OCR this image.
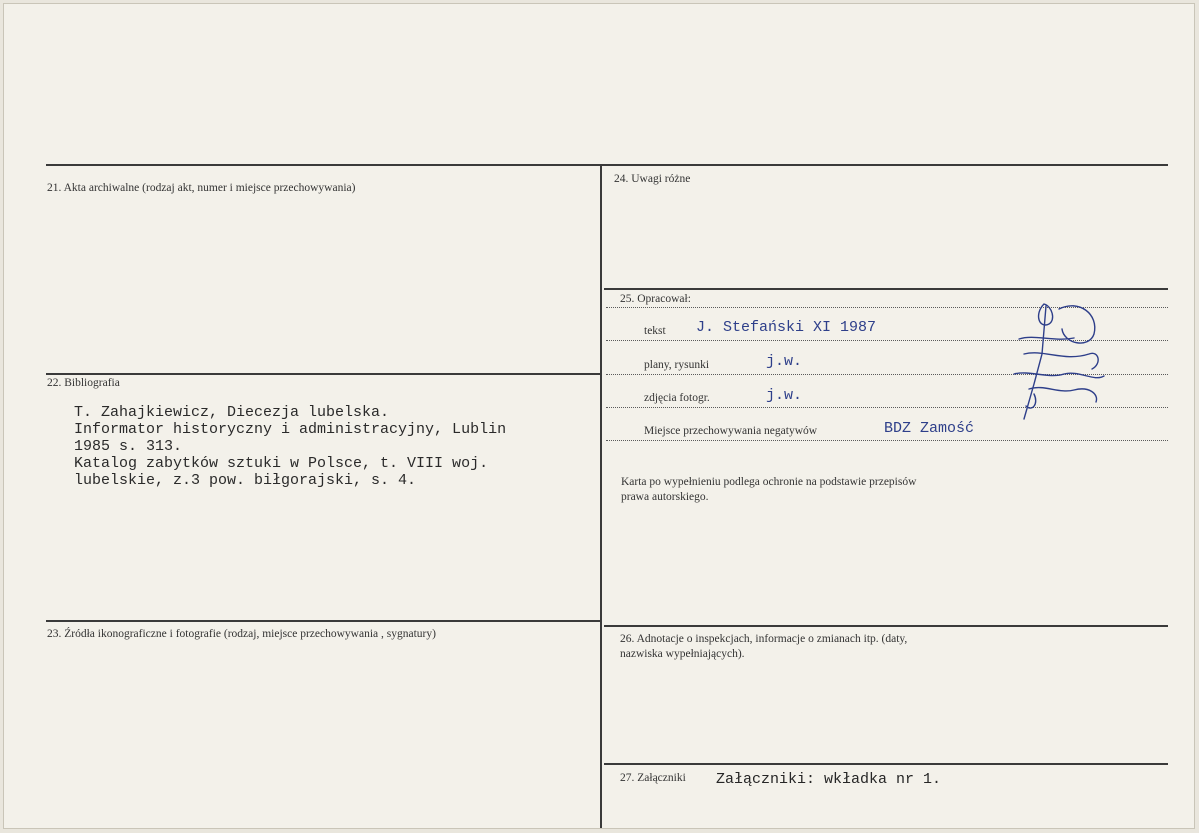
21. Akta archiwalne (rodzaj akt, numer i miejsce przechowywania)
22. Bibliografia
T. Zahajkiewicz, Diecezja lubelska.
Informator historyczny i administracyjny, Lublin
1985 s. 313.
Katalog zabytków sztuki w Polsce, t. VIII woj.
lubelskie, z.3 pow. biłgorajski, s. 4.
23. Źródła ikonograficzne i fotografie (rodzaj, miejsce przechowywania , sygnatury)
24. Uwagi różne
25. Opracował:
tekst J. Stefański XI 1987
plany, rysunki	j.w.
zdjęcia fotogr.	j.w.
Miejsce przechowywania negatywów	BDZ Zamość
Karta po wypełnieniu podlega ochronie na podstawie przepisów
prawa autorskiego.
26. Adnotacje o inspekcjach, informacje o zmianach itp. (daty,
nazwiska wypełniających).
27. Załączniki Załączniki: wkładka nr 1.
